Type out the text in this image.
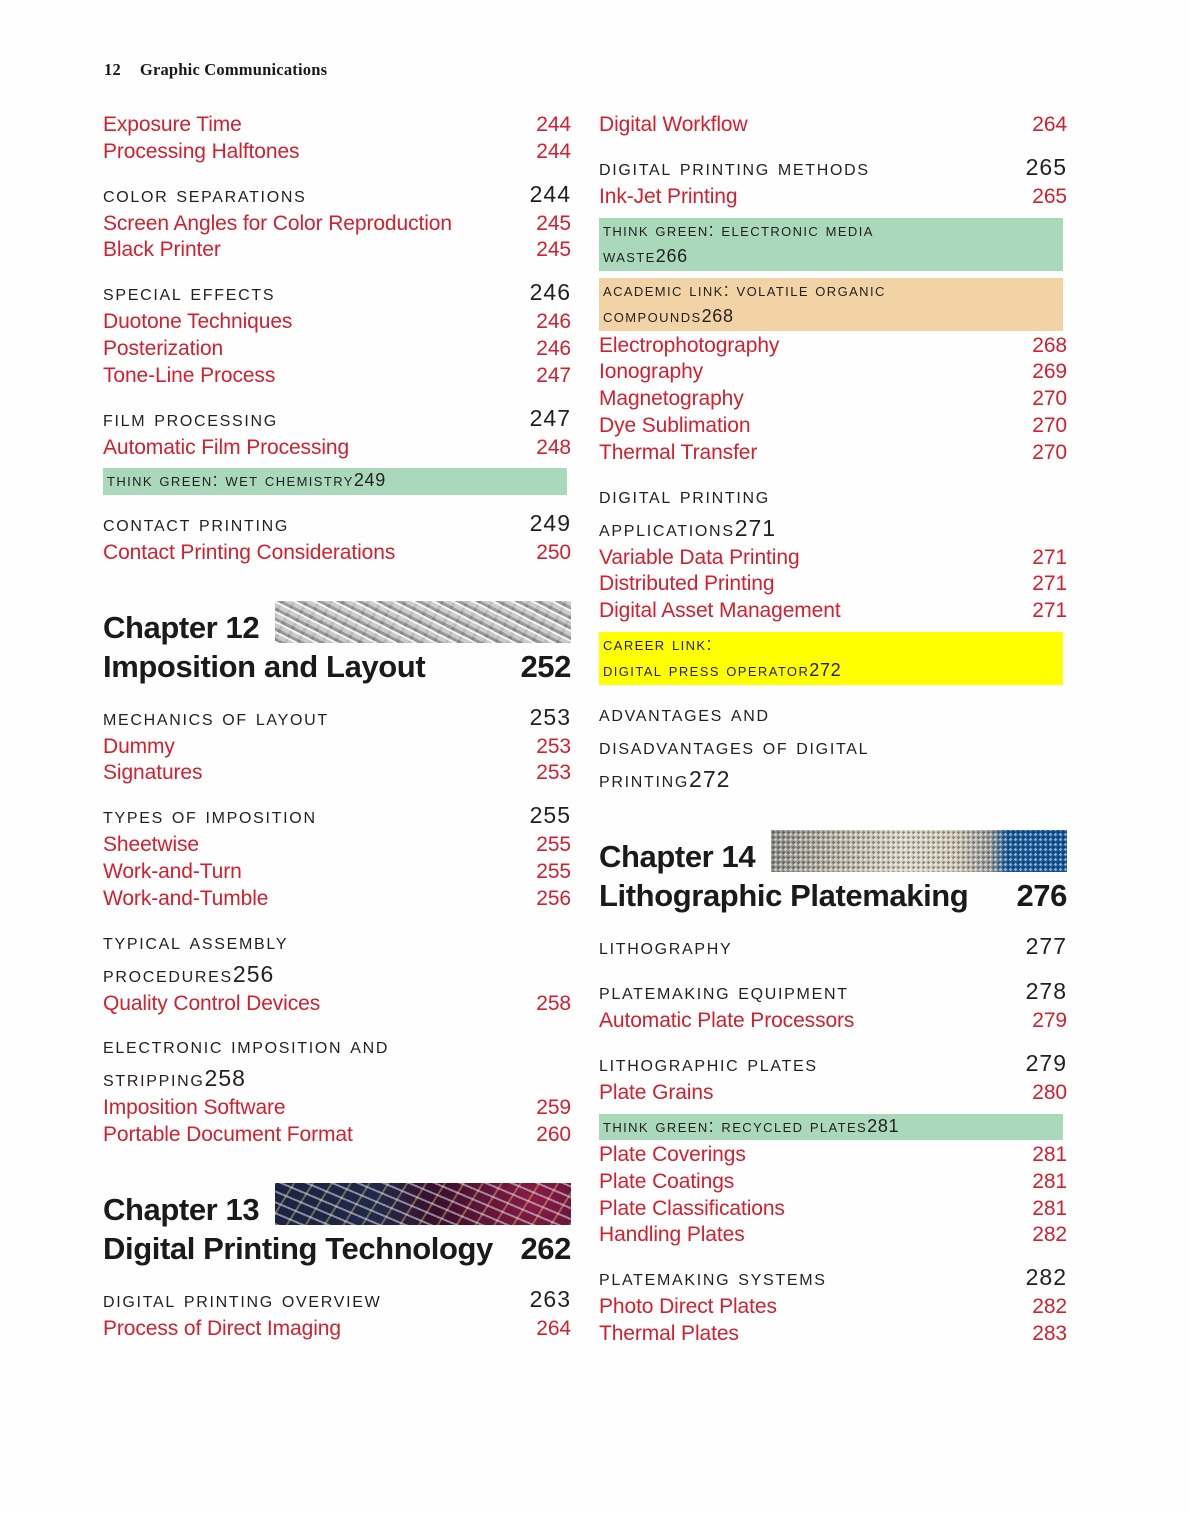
12 Graphic Communications
Exposure Time	244
Processing Halftones	244
color separations	244
Screen Angles for Color Reproduction	245
Black Printer	245
special effects	246
Duotone Techniques	246
Posterization	246
Tone-Line Process	247
film processing	247
Automatic Film Processing	248
think green: wet chemistry 249
contact printing	249
Contact Printing Considerations	250
Chapter 12
Imposition and Layout	252
mechanics of layout	253
Dummy	253
Signatures	253
types of imposition	255
Sheetwise	255
Work-and-Turn	255
Work-and-Tumble	256
typical assembly
procedures 256
Quality Control Devices	258
electronic imposition and
stripping 258
Imposition Software	259
Portable Document Format	260
Chapter 13
Digital Printing Technology 262
digital printing overview	263
Process of Direct Imaging	264
Digital Workflow	264
digital printing methods	265
Ink-Jet Printing	265
think green: electronic media
waste 266
academic link: volatile organic
compounds 268
Electrophotography	268
Ionography	269
Magnetography	270
Dye Sublimation	270
Thermal Transfer	270
digital printing
applications 271
Variable Data Printing	271
Distributed Printing	271
Digital Asset Management	271
career link:
digital press operator 272
advantages and
disadvantages of digital
printing 272
Chapter 14
Lithographic Platemaking 276
lithography	277
platemaking equipment	278
Automatic Plate Processors	279
lithographic plates	279
Plate Grains	280
think green: recycled plates 281
Plate Coverings	281
Plate Coatings	281
Plate Classifications	281
Handling Plates	282
platemaking systems	282
Photo Direct Plates	282
Thermal Plates	283
